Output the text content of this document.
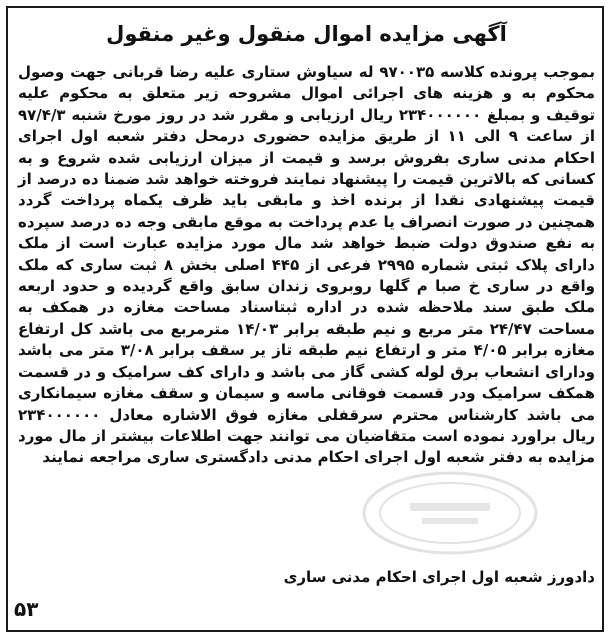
آگهی مزایده اموال منقول وغیر منقول
بموجب پرونده کلاسه ۹۷۰۰۳۵ له سیاوش ستاری علیه رضا قربانی جهت وصول محکوم به و هزینه های اجرائی اموال مشروحه زیر متعلق به محکوم علیه توقیف و بمبلغ ۲۳۴۰۰۰۰۰۰ ریال ارزیابی و مقرر شد در روز مورخ شنبه ۹۷/۴/۳ از ساعت ۹ الی ۱۱ از طریق مزایده حضوری درمحل دفتر شعبه اول اجرای احکام مدنی ساری بفروش برسد و قیمت از میزان ارزیابی شده شروع و به کسانی که بالاترین قیمت را پیشنهاد نمایند فروخته خواهد شد ضمنا ده درصد از قیمت پیشنهادی نقدا از برنده اخذ و مابقی باید ظرف یکماه پرداخت گردد همچنین در صورت انصراف یا عدم پرداخت به موقع مابقی وجه ده درصد سپرده به نفع صندوق دولت ضبط خواهد شد مال مورد مزایده عبارت است از ملک دارای پلاک ثبتی شماره ۲۹۹۵ فرعی از ۴۴۵ اصلی بخش ۸ ثبت ساری که ملک واقع در ساری خ صبا م گلها روبروی زندان سابق واقع گردیده و حدود اربعه ملک طبق سند ملاحظه شده در اداره ثبتاسناد مساحت مغازه در همکف به مساحت ۲۴/۴۷ متر مربع و نیم طبقه برابر ۱۴/۰۳ مترمربع می باشد کل ارتفاع مغازه برابر ۴/۰۵ متر و ارتفاع نیم طبقه تاز یر سقف برابر ۳/۰۸ متر می باشد ودارای انشعاب برق لوله کشی گاز می باشد و دارای کف سرامیک و در قسمت همکف سرامیک ودر قسمت فوقانی ماسه و سیمان و سقف مغازه سیمانکاری می باشد کارشناس محترم سرقفلی مغازه فوق الاشاره معادل ۲۳۴۰۰۰۰۰۰ ریال براورد نموده است متقاضیان می توانند جهت اطلاعات بیشتر از مال مورد مزایده به دفتر شعبه اول اجرای احکام مدنی دادگستری ساری مراجعه نمایند
دادورز شعبه اول اجرای احکام مدنی ساری
۵۳
